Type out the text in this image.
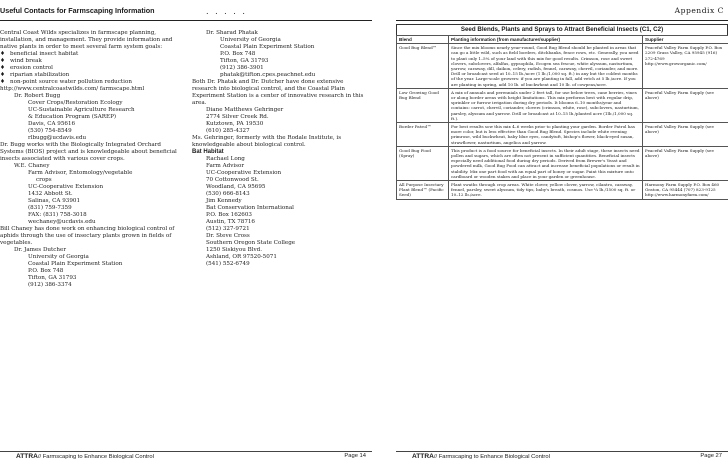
Useful Contacts for Farmscaping Information	. . . . .

Central Coast Wilds specializes in farmscape planning, installation, and management. They provide information and native plants in order to meet several farm system goals:

♦ beneficial insect habitat
♦ wind break
♦ erosion control
♦ riparian stabilization
♦ non-point source water pollution reduction

http://www.centralcoastwilds.com/ farmscape.html

Dr. Robert Bugg
Cover Crops/Restoration Ecology
UC-Sustainable Agriculture Research
& Education Program (SAREP)
Davis, CA 95616
(530) 754-8549
rlbugg@ucdavis.edu

Dr. Bugg works with the Biologically Integrated Orchard Systems (BIOS) project and is knowledgeable about beneficial insects associated with various cover crops.

W.E. Chaney
Farm Advisor, Entomology/vegetable
crops
UC-Cooperative Extension
1432 Abbott St.
Salinas, CA 93901
(831) 759-7359
FAX: (831) 758-3018
wechaney@ucdavis.edu

Bill Chaney has done work on enhancing biological control of aphids through the use of insectary plants grown in fields of vegetables.

Dr. James Dutcher
University of Georgia
Coastal Plain Experiment Station
P.O. Box 748
Tifton, GA 31793
(912) 386-3374
Dr. Sharad Phatak
University of Georgia
Coastal Plain Experiment Station
P.O. Box 748
Tifton, GA 31793
(912) 386-3901
phatak@tifton.cpes.peachnet.edu

Both Dr. Phatak and Dr. Dutcher have done extensive research into biological control, and the Coastal Plain Experiment Station is a center of innovative research in this area.

Diane Matthews Gehringer
2774 Silver Creek Rd.
Kutztown, PA 19530
(610) 285-4327

Ms. Gehringer, formerly with the Rodale Institute, is knowledgeable about biological control.

Bat Habitat
Rachael Long
Farm Advisor
UC-Cooperative Extension
70 Cottonwood St.
Woodland, CA 95695
(530) 666-8143
Jim Kennedy
Bat Conservation International
P.O. Box 162603
Austin, TX 78716
(512) 327-9721
Dr. Steve Cross
Southern Oregon State College
1250 Siskiyou Blvd.
Ashland, OR 97520-5071
(541) 552-6749
ATTRA// Farmscaping to Enhance Biological Control	Page 14
Appendix C
Seed Blends, Plants and Sprays to Attract Beneficial Insects (C1, C2)
Blend	Planting information (from manufacturer/supplier)	Supplier
Good Bug Blend™	Since the mix blooms nearly year-round, Good Bug Blend should be planted in areas that can go a little wild, such as field borders, ditchbanks, fence rows, etc. Generally, you need to plant only 1–5% of your land with this mix for good results. Crimson, rose and sweet clovers, subclovers, alfalfas, gypsophila, Ecogen sea fescue, white alyssum, nasturtium, yarrow, caraway, dill, daikon, celery, radish, fennel, caraway, chervil, coriander, and more. Drill or broadcast seed at 10–15 lb./acre (1 lb./1,000 sq. ft.) in any but the coldest months of the year. Large-scale growers: if you are planting in fall, add vetch at 5 lb./acre. If you are planting in spring, add 10 lb. of buckwheat and 10 lb. of cowpeas/acre.	Peaceful Valley Farm Supply P.O. Box 2209 Grass Valley, CA 95945 (916) 272-4769 http://www.groworganic.com/
Low Growing Good Bug Blend	A mix of annuals and perennials under 2 feet tall, for use below trees, cane berries, vines or along border areas with height limitations. This mix performs best with regular drip, sprinkler or furrow irrigation during dry periods. It blooms 6–10 months/year and contains: carrot, chervil, coriander, clovers (crimson, white, rose), subclovers, nasturtium, parsley, alyssum and yarrow. Drill or broadcast at 10–15 lb./planted acre (1lb./1,000 sq. ft.).	Peaceful Valley Farm Supply (see above)
Border Patrol™	For best results sow this mix 4–6 weeks prior to planting your garden. Border Patrol has more color, but is less effective than Good Bug Blend. Species include white evening primrose, wild buckwheat, baby blue eyes, candytuft, bishop's flower, black-eyed susan, strawflower, nasturtium, angelica and yarrow.	Peaceful Valley Farm Supply (see above)
Good Bug Food (Spray)	This product is a food source for beneficial insects. In their adult stage, these insects need pollen and sugars, which are often not present in sufficient quantities. Beneficial insects especially need additional food during dry periods. Derived from Brewer's Yeast and powdered milk, Good Bug Food can attract and increase beneficial populations or result in stability. Mix one part food with an equal part of honey or sugar. Paint this mixture onto cardboard or wooden stakes and place in your garden or greenhouse.	Peaceful Valley Farm Supply (see above)
All Purpose Insectary Plant Blend™ (Pacific Seed)	Plant swaths through crop areas. White clover, yellow clover, yarrow, cilantro, caraway, fennel, parsley, sweet alyssum, tidy tips, baby's breath, cosmos. Use ¼ lb./1500 sq. ft. or 10–12 lb./acre.	Harmony Farm Supply P.O. Box 460 Graton, CA 95444 (707) 823-9125 http://www.harmonyfarm.com/
ATTRA// Farmscaping to Enhance Biological Control	Page 27
